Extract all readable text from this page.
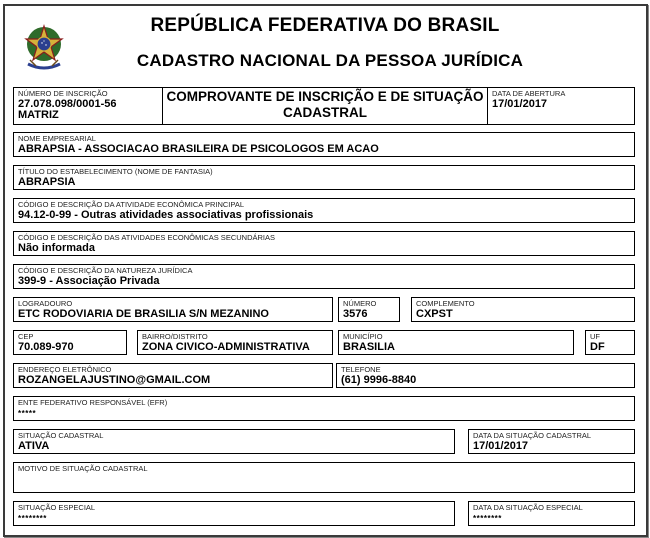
REPÚBLICA FEDERATIVA DO BRASIL
CADASTRO NACIONAL DA PESSOA JURÍDICA
NÚMERO DE INSCRIÇÃO
27.078.098/0001-56
MATRIZ
COMPROVANTE DE INSCRIÇÃO E DE SITUAÇÃO
CADASTRAL
DATA DE ABERTURA
17/01/2017
NOME EMPRESARIAL
ABRAPSIA - ASSOCIACAO BRASILEIRA DE PSICOLOGOS EM ACAO
TÍTULO DO ESTABELECIMENTO (NOME DE FANTASIA)
ABRAPSIA
CÓDIGO E DESCRIÇÃO DA ATIVIDADE ECONÔMICA PRINCIPAL
94.12-0-99 - Outras atividades associativas profissionais
CÓDIGO E DESCRIÇÃO DAS ATIVIDADES ECONÔMICAS SECUNDÁRIAS
Não informada
CÓDIGO E DESCRIÇÃO DA NATUREZA JURÍDICA
399-9 - Associação Privada
LOGRADOURO
ETC RODOVIARIA DE BRASILIA S/N MEZANINO
NÚMERO
3576
COMPLEMENTO
CXPST
CEP
70.089-970
BAIRRO/DISTRITO
ZONA CIVICO-ADMINISTRATIVA
MUNICÍPIO
BRASILIA
UF
DF
ENDEREÇO ELETRÔNICO
ROZANGELAJUSTINO@GMAIL.COM
TELEFONE
(61) 9996-8840
ENTE FEDERATIVO RESPONSÁVEL (EFR)
*****
SITUAÇÃO CADASTRAL
ATIVA
DATA DA SITUAÇÃO CADASTRAL
17/01/2017
MOTIVO DE SITUAÇÃO CADASTRAL
SITUAÇÃO ESPECIAL
********
DATA DA SITUAÇÃO ESPECIAL
********
